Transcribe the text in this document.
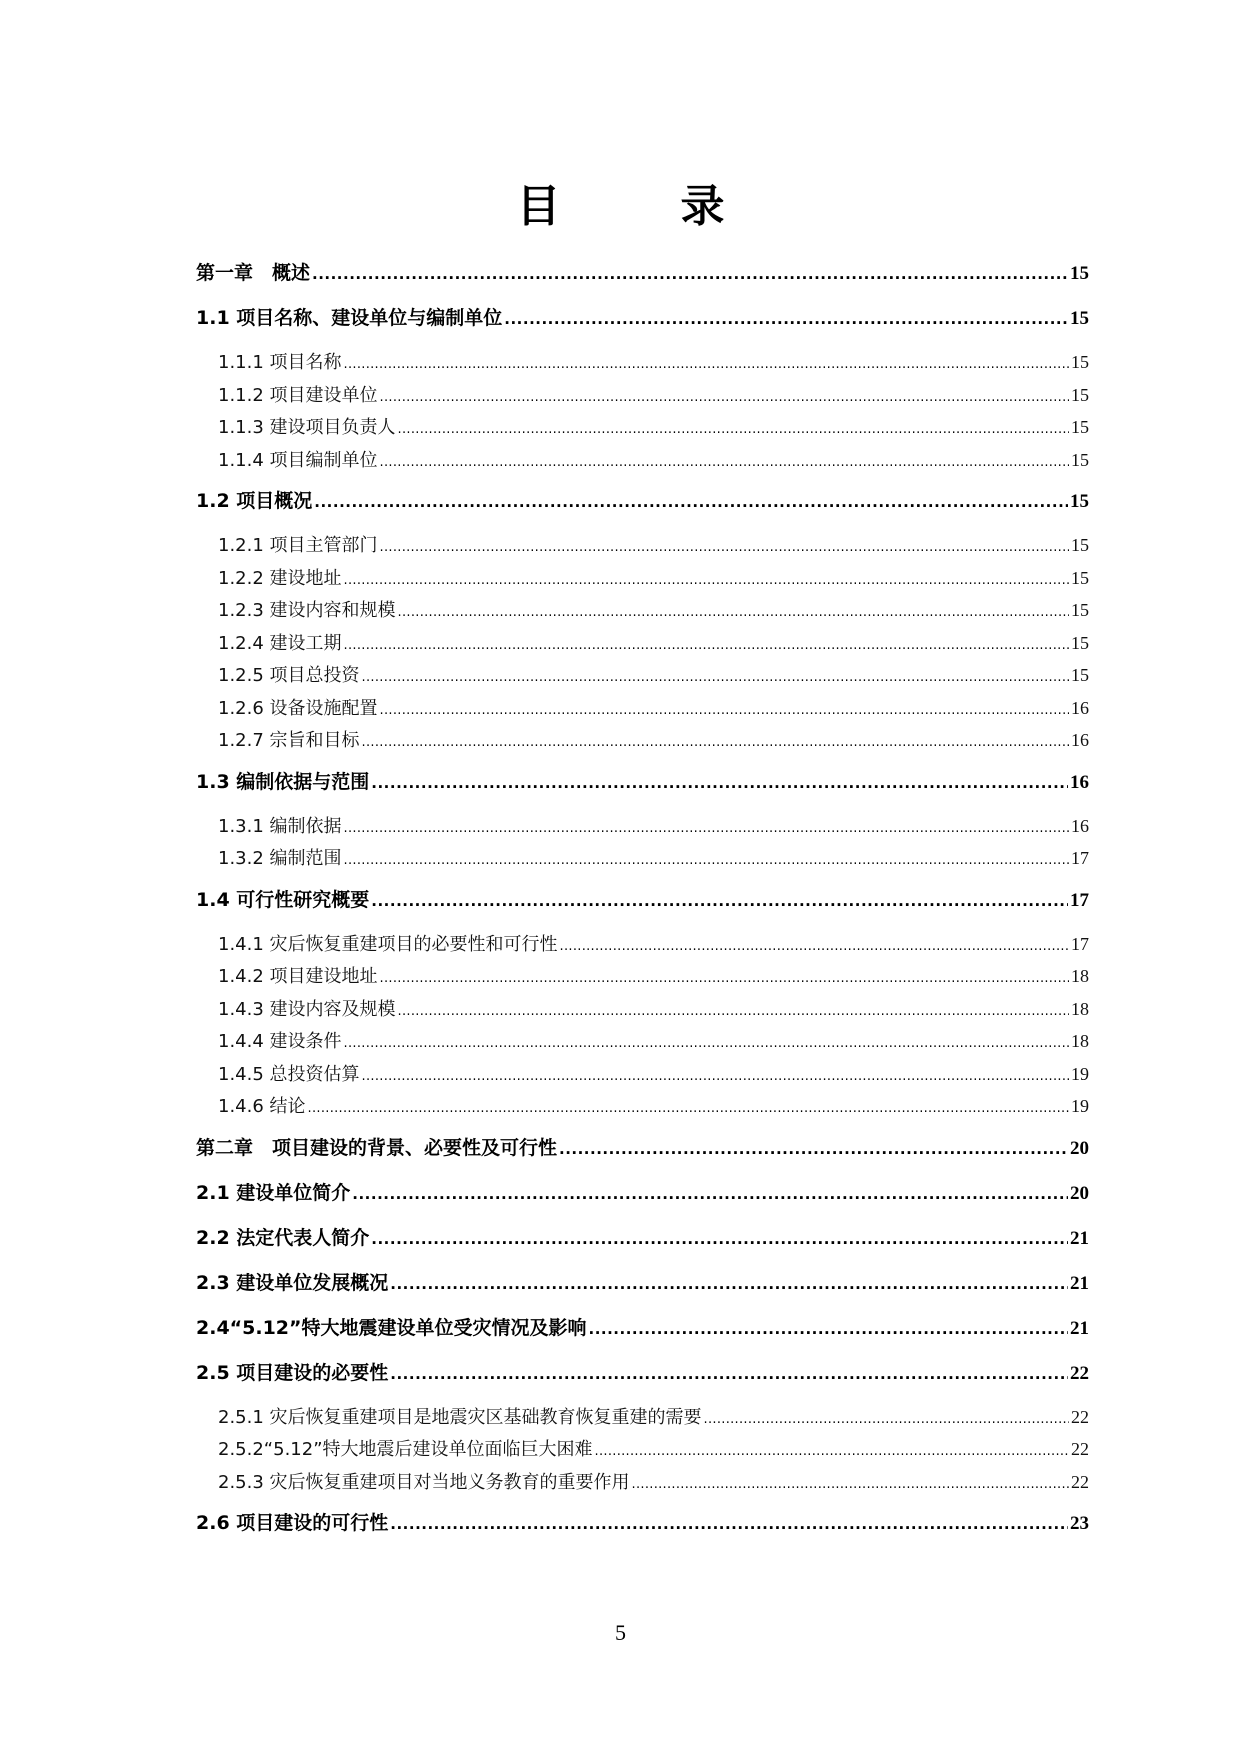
目　录
第一章　概述 .....	15
1.1 项目名称、建设单位与编制单位 .....	15
1.1.1 项目名称 .....	15
1.1.2 项目建设单位 .....	15
1.1.3 建设项目负责人 .....	15
1.1.4 项目编制单位 .....	15
1.2 项目概况 .....	15
1.2.1 项目主管部门 .....	15
1.2.2 建设地址 .....	15
1.2.3 建设内容和规模 .....	15
1.2.4 建设工期 .....	15
1.2.5 项目总投资 .....	15
1.2.6 设备设施配置 .....	16
1.2.7 宗旨和目标 .....	16
1.3 编制依据与范围 .....	16
1.3.1 编制依据 .....	16
1.3.2 编制范围 .....	17
1.4 可行性研究概要 .....	17
1.4.1 灾后恢复重建项目的必要性和可行性 .....	17
1.4.2 项目建设地址 .....	18
1.4.3 建设内容及规模 .....	18
1.4.4 建设条件 .....	18
1.4.5 总投资估算 .....	19
1.4.6 结论 .....	19
第二章　项目建设的背景、必要性及可行性 .....	20
2.1 建设单位简介 .....	20
2.2 法定代表人简介 .....	21
2.3 建设单位发展概况 .....	21
2.4“5.12”特大地震建设单位受灾情况及影响 .....	21
2.5 项目建设的必要性 .....	22
2.5.1 灾后恢复重建项目是地震灾区基础教育恢复重建的需要 .....	22
2.5.2“5.12”特大地震后建设单位面临巨大困难 .....	22
2.5.3 灾后恢复重建项目对当地义务教育的重要作用 .....	22
2.6 项目建设的可行性 .....	23
5
